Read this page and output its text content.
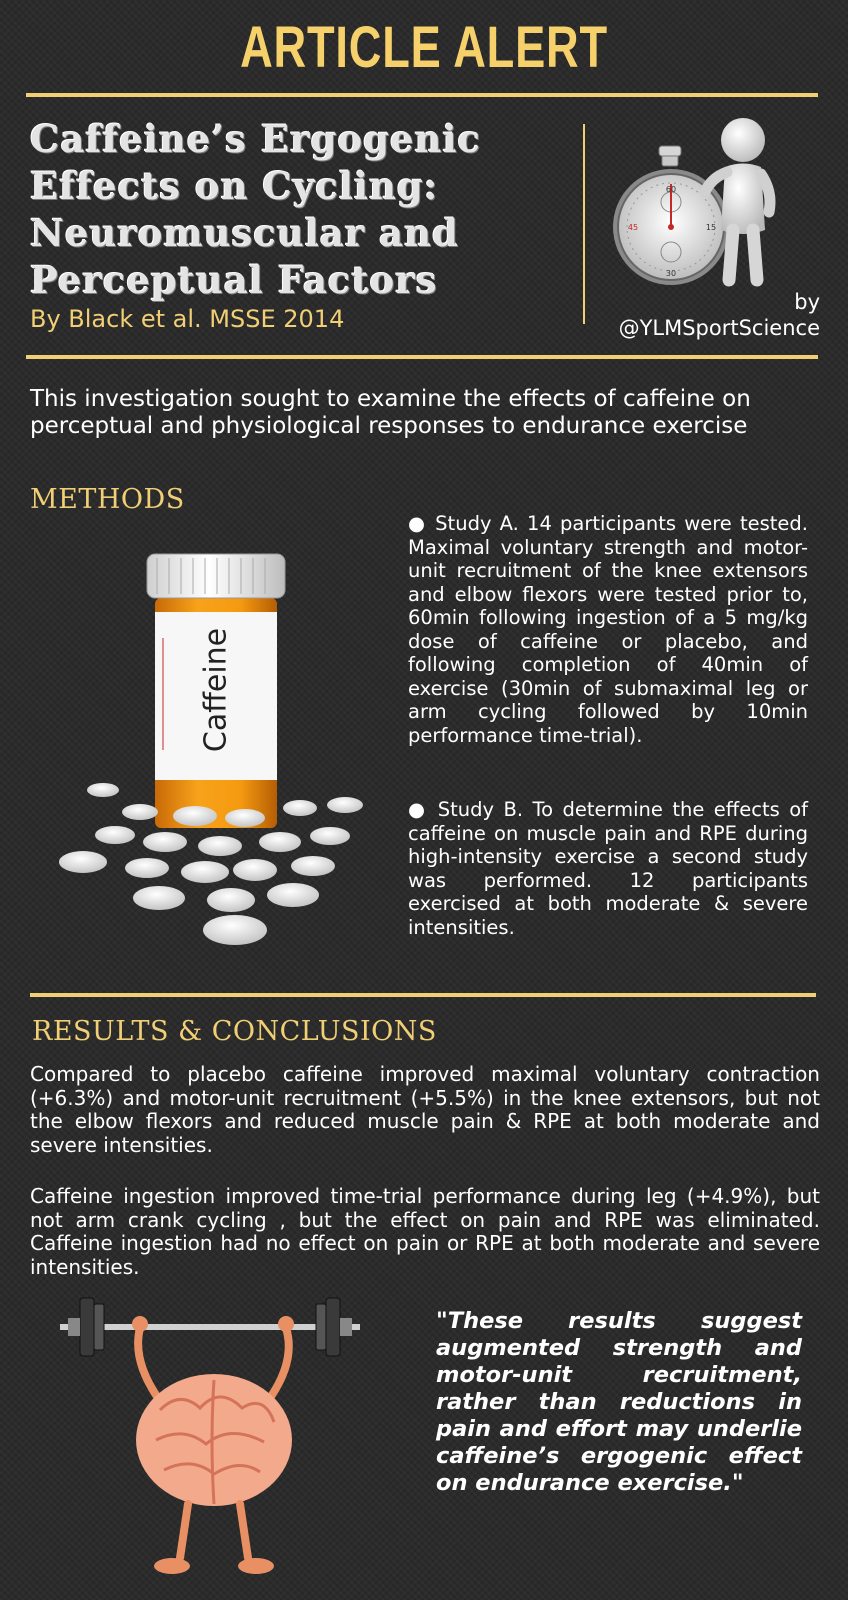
ARTICLE ALERT
Caffeine’s Ergogenic Effects on Cycling: Neuromuscular and Perceptual Factors
By Black et al. MSSE 2014
60
15
30
45
by
@YLMSportScience
This investigation sought to examine the effects of caffeine on perceptual and physiological responses to endurance exercise
METHODS
Caffeine
● Study A. 14 participants were tested. Maximal voluntary strength and motor-unit recruitment of the knee extensors and elbow flexors were tested prior to, 60min following ingestion of a 5 mg/kg dose of caffeine or placebo, and following completion of 40min of exercise (30min of submaximal leg or arm cycling followed by 10min performance time-trial).
● Study B. To determine the effects of caffeine on muscle pain and RPE during high-intensity exercise a second study was performed. 12 participants exercised at both moderate & severe intensities.
RESULTS & CONCLUSIONS
Compared to placebo caffeine improved maximal voluntary contraction (+6.3%) and motor-unit recruitment (+5.5%) in the knee extensors, but not the elbow flexors and reduced muscle pain & RPE at both moderate and severe intensities.
Caffeine ingestion improved time-trial performance during leg (+4.9%), but not arm crank cycling , but the effect on pain and RPE was eliminated. Caffeine ingestion had no effect on pain or RPE at both moderate and severe intensities.
"These results suggest augmented strength and motor-unit recruitment, rather than reductions in pain and effort may underlie caffeine’s ergogenic effect on endurance exercise."
